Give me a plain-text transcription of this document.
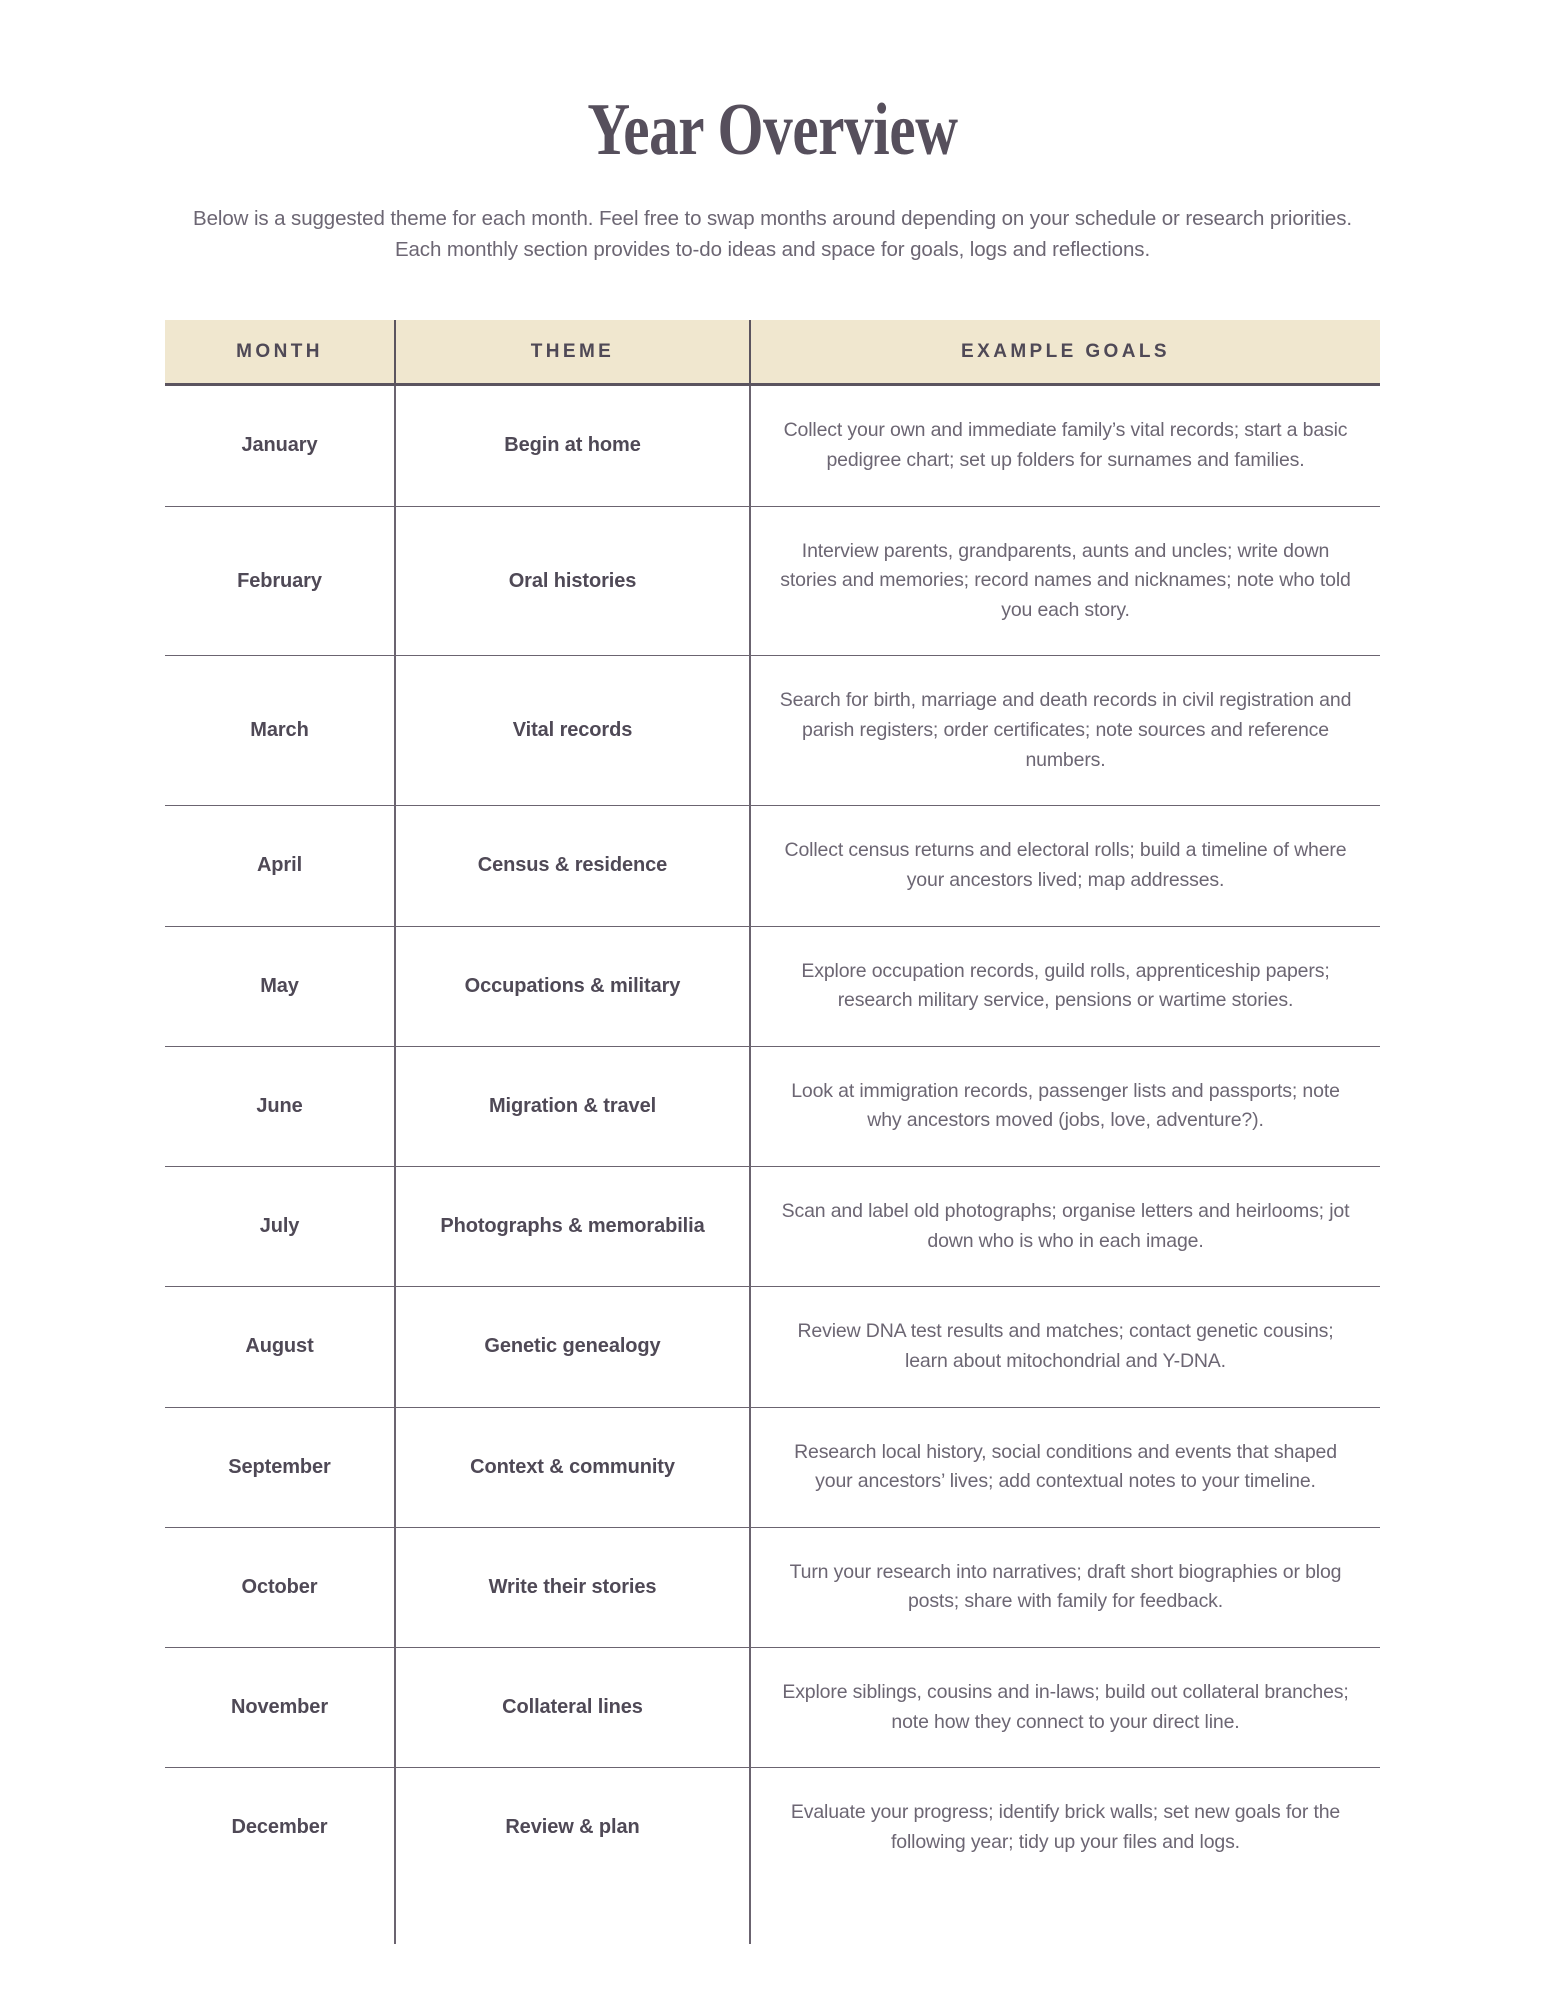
Year Overview

Below is a suggested theme for each month. Feel free to swap months around depending on your schedule or research priorities. Each monthly section provides to-do ideas and space for goals, logs and reflections.

MONTH	THEME	EXAMPLE GOALS
January	Begin at home	Collect your own and immediate family’s vital records; start a basic pedigree chart; set up folders for surnames and families.
February	Oral histories	Interview parents, grandparents, aunts and uncles; write down stories and memories; record names and nicknames; note who told you each story.
March	Vital records	Search for birth, marriage and death records in civil registration and parish registers; order certificates; note sources and reference numbers.
April	Census & residence	Collect census returns and electoral rolls; build a timeline of where your ancestors lived; map addresses.
May	Occupations & military	Explore occupation records, guild rolls, apprenticeship papers; research military service, pensions or wartime stories.
June	Migration & travel	Look at immigration records, passenger lists and passports; note why ancestors moved (jobs, love, adventure?).
July	Photographs & memorabilia	Scan and label old photographs; organise letters and heirlooms; jot down who is who in each image.
August	Genetic genealogy	Review DNA test results and matches; contact genetic cousins; learn about mitochondrial and Y-DNA.
September	Context & community	Research local history, social conditions and events that shaped your ancestors’ lives; add contextual notes to your timeline.
October	Write their stories	Turn your research into narratives; draft short biographies or blog posts; share with family for feedback.
November	Collateral lines	Explore siblings, cousins and in-laws; build out collateral branches; note how they connect to your direct line.
December	Review & plan	Evaluate your progress; identify brick walls; set new goals for the following year; tidy up your files and logs.
